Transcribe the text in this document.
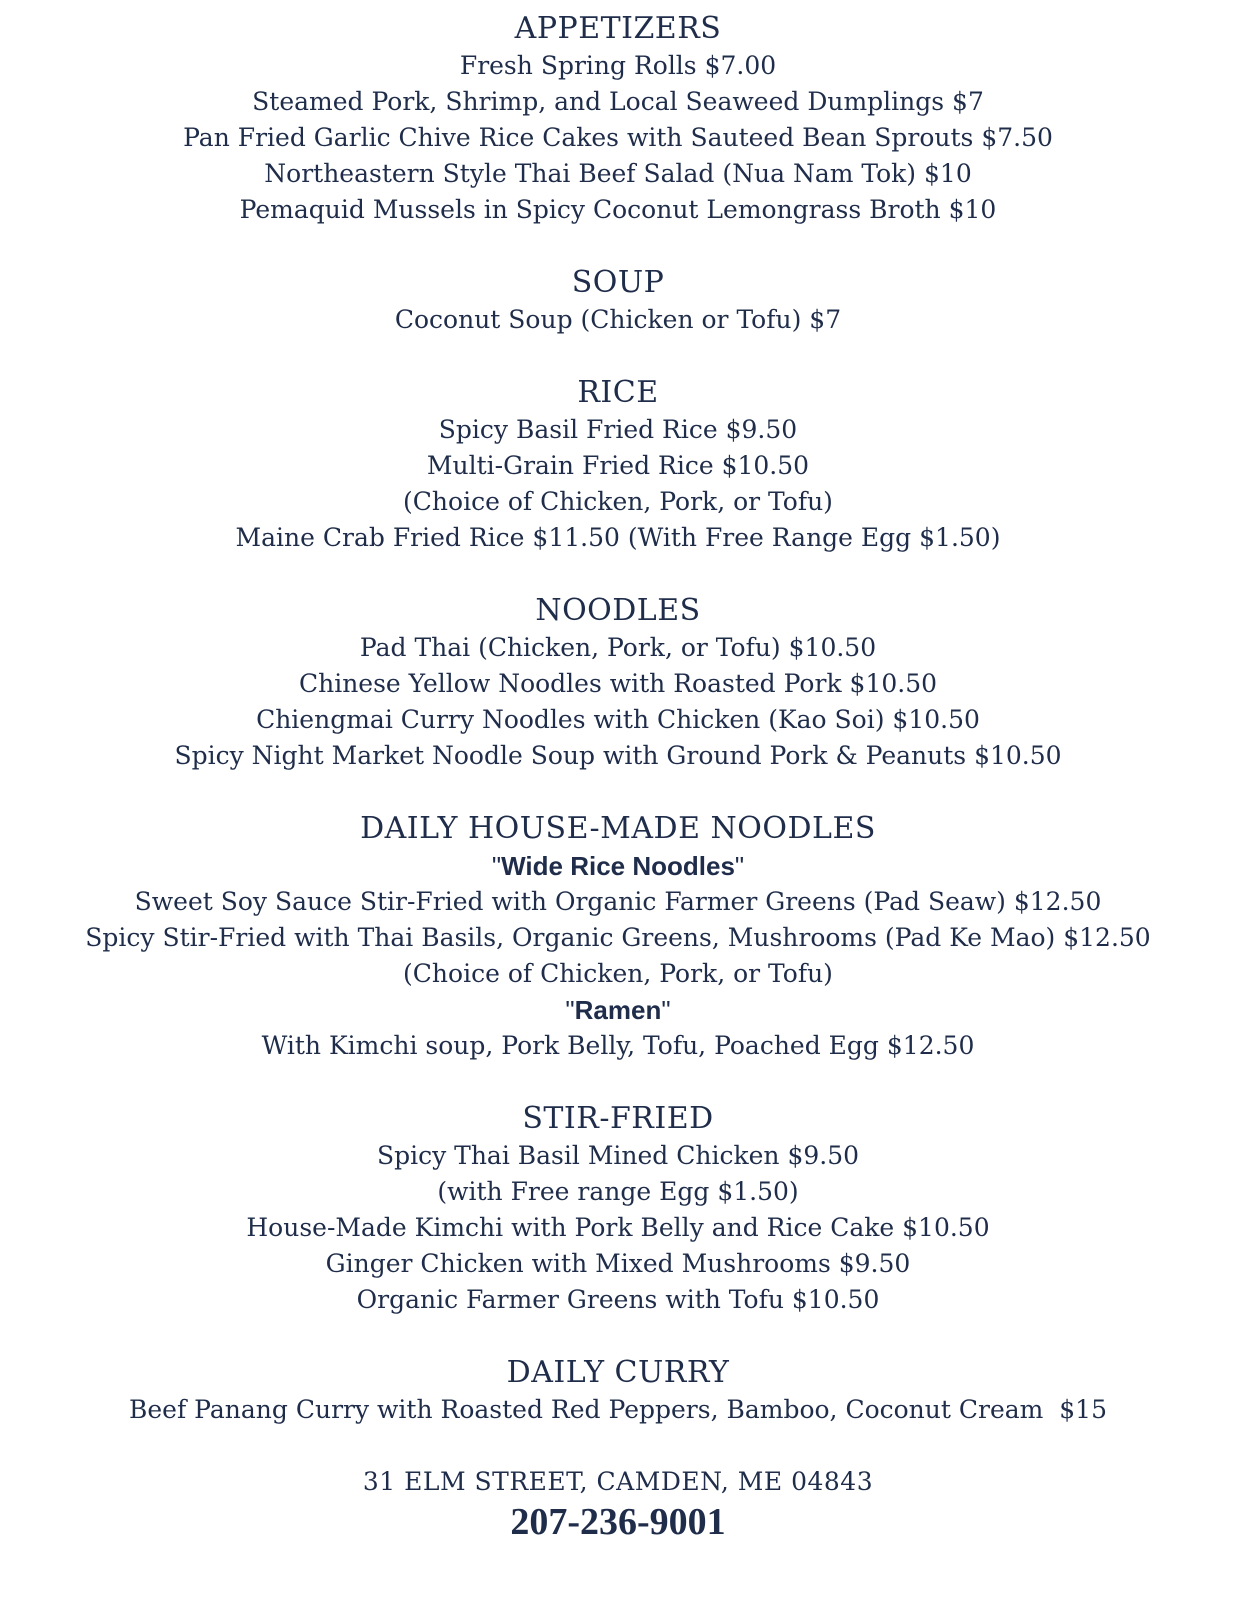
APPETIZERS

Fresh Spring Rolls $7.00

Steamed Pork, Shrimp, and Local Seaweed Dumplings $7

Pan Fried Garlic Chive Rice Cakes with Sauteed Bean Sprouts $7.50

Northeastern Style Thai Beef Salad (Nua Nam Tok) $10

Pemaquid Mussels in Spicy Coconut Lemongrass Broth $10

SOUP

Coconut Soup (Chicken or Tofu) $7

RICE

Spicy Basil Fried Rice $9.50

Multi-Grain Fried Rice $10.50

(Choice of Chicken, Pork, or Tofu)

Maine Crab Fried Rice $11.50 (With Free Range Egg $1.50)

NOODLES

Pad Thai (Chicken, Pork, or Tofu) $10.50

Chinese Yellow Noodles with Roasted Pork $10.50

Chiengmai Curry Noodles with Chicken (Kao Soi) $10.50

Spicy Night Market Noodle Soup with Ground Pork & Peanuts $10.50

DAILY HOUSE-MADE NOODLES

"Wide Rice Noodles"

Sweet Soy Sauce Stir-Fried with Organic Farmer Greens (Pad Seaw) $12.50

Spicy Stir-Fried with Thai Basils, Organic Greens, Mushrooms (Pad Ke Mao) $12.50

(Choice of Chicken, Pork, or Tofu)

"Ramen"

With Kimchi soup, Pork Belly, Tofu, Poached Egg $12.50

STIR-FRIED

Spicy Thai Basil Mined Chicken $9.50

(with Free range Egg $1.50)

House-Made Kimchi with Pork Belly and Rice Cake $10.50

Ginger Chicken with Mixed Mushrooms $9.50

Organic Farmer Greens with Tofu $10.50

DAILY CURRY

Beef Panang Curry with Roasted Red Peppers, Bamboo, Coconut Cream  $15

31 ELM STREET, CAMDEN, ME 04843

207-236-9001
